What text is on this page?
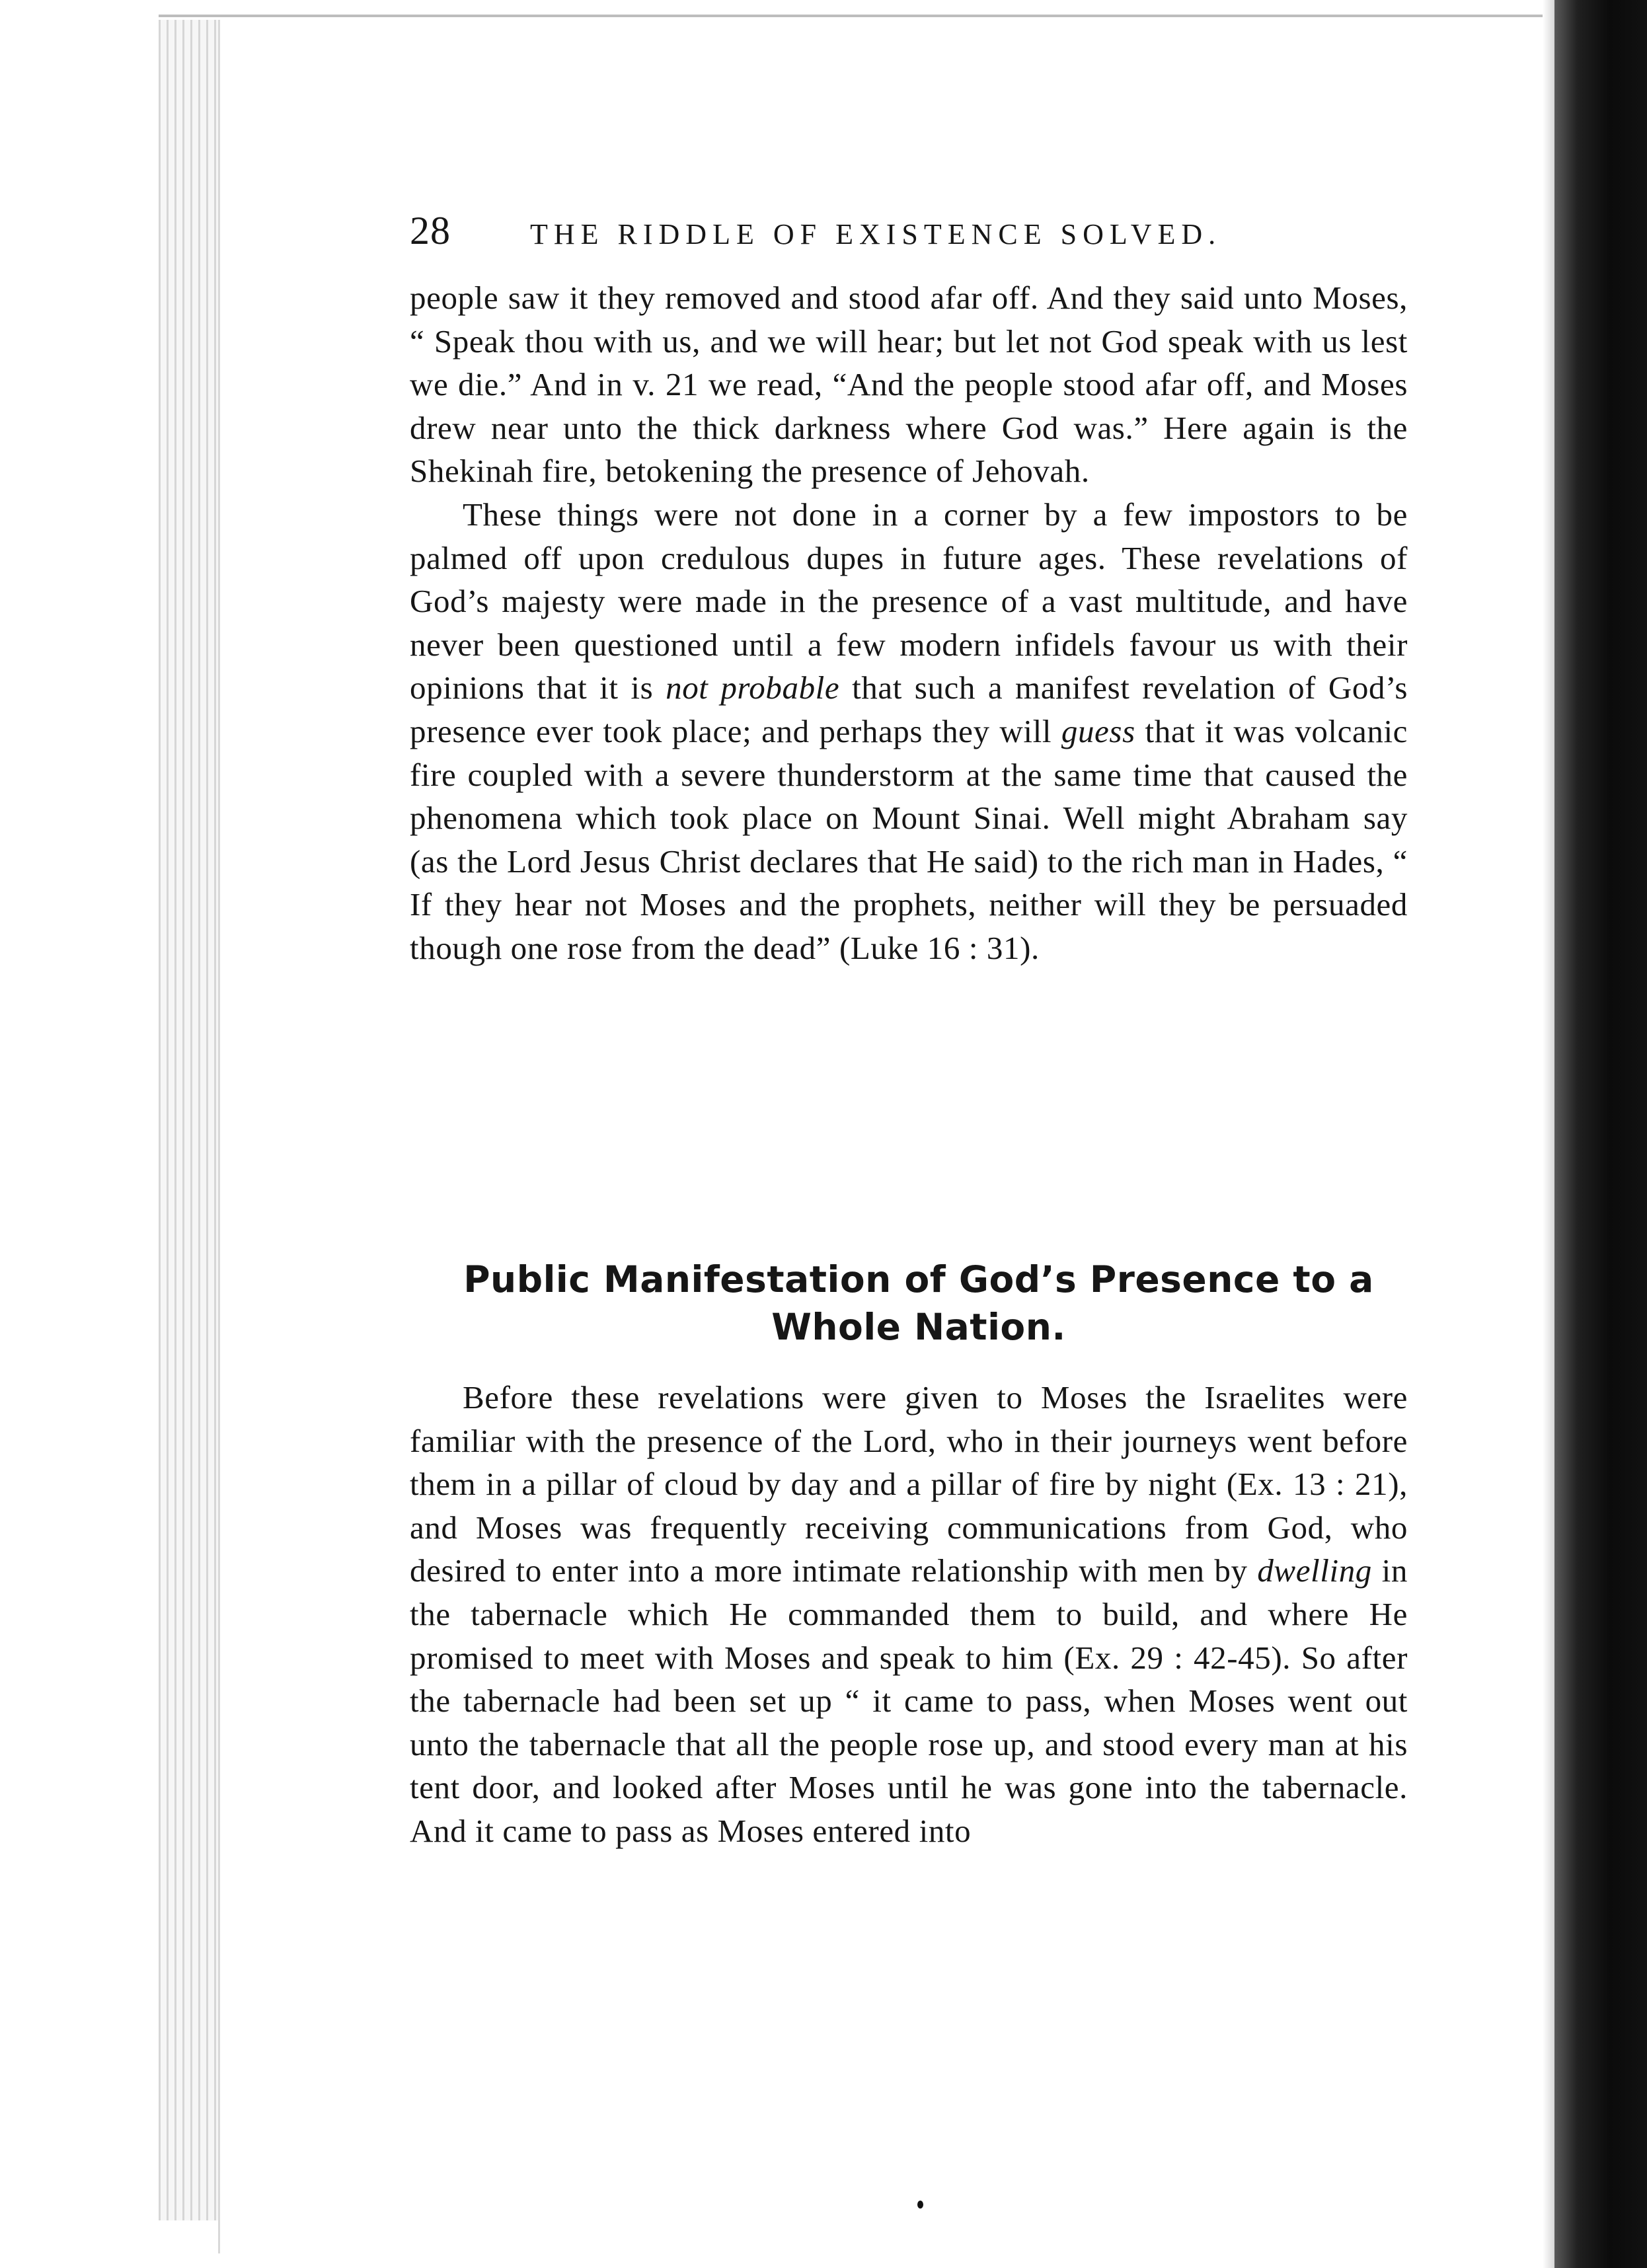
28	THE RIDDLE OF EXISTENCE SOLVED.

people saw it they removed and stood afar off. And they said unto Moses, “ Speak thou with us, and we will hear; but let not God speak with us lest we die.” And in v. 21 we read, “And the people stood afar off, and Moses drew near unto the thick darkness where God was.” Here again is the Shekinah fire, betokening the presence of Jehovah.

These things were not done in a corner by a few impostors to be palmed off upon credulous dupes in future ages. These revelations of God’s majesty were made in the presence of a vast multitude, and have never been questioned until a few modern infidels favour us with their opinions that it is not probable that such a manifest revelation of God’s presence ever took place; and perhaps they will guess that it was volcanic fire coupled with a severe thunderstorm at the same time that caused the phenomena which took place on Mount Sinai. Well might Abraham say (as the Lord Jesus Christ declares that He said) to the rich man in Hades, “ If they hear not Moses and the prophets, neither will they be persuaded though one rose from the dead” (Luke 16 : 31).

Public Manifestation of God’s Presence to a Whole Nation.

Before these revelations were given to Moses the Israelites were familiar with the presence of the Lord, who in their journeys went before them in a pillar of cloud by day and a pillar of fire by night (Ex. 13 : 21), and Moses was frequently receiving communications from God, who desired to enter into a more intimate relationship with men by dwelling in the tabernacle which He commanded them to build, and where He promised to meet with Moses and speak to him (Ex. 29 : 42-45). So after the tabernacle had been set up “ it came to pass, when Moses went out unto the tabernacle that all the people rose up, and stood every man at his tent door, and looked after Moses until he was gone into the tabernacle. And it came to pass as Moses entered into
